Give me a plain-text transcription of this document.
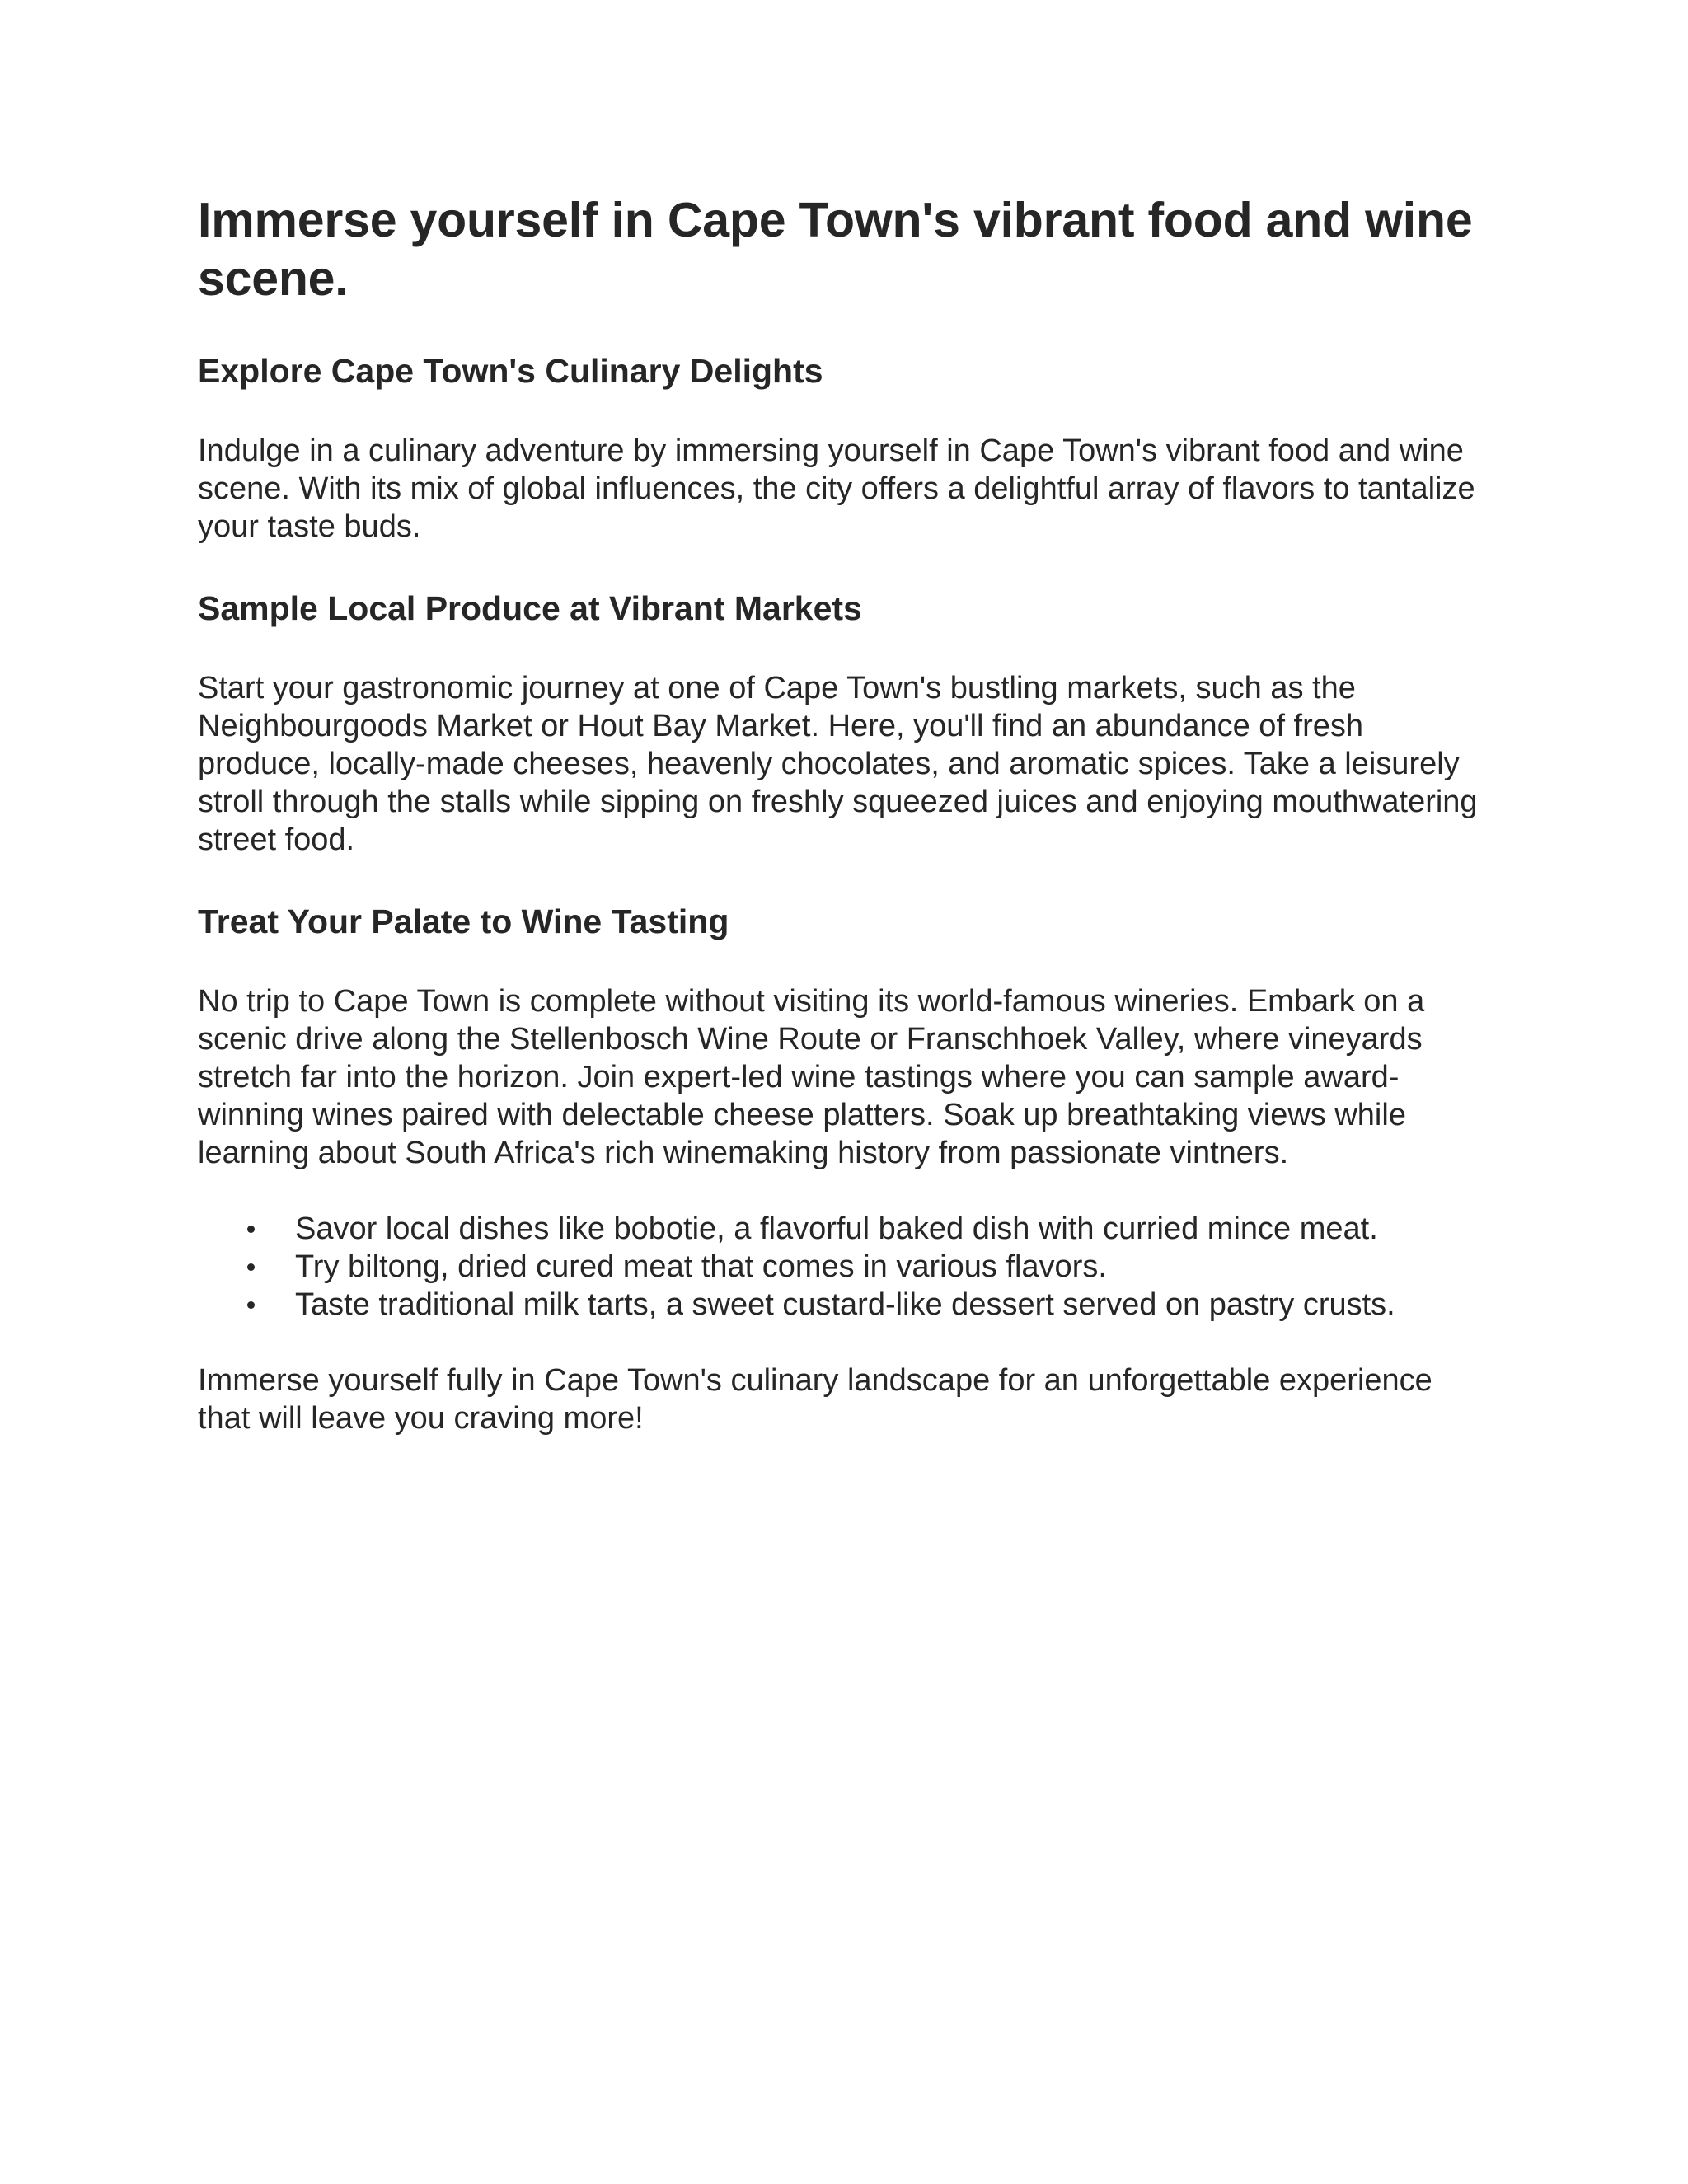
Immerse yourself in Cape Town's vibrant food and wine scene.
Explore Cape Town's Culinary Delights

Indulge in a culinary adventure by immersing yourself in Cape Town's vibrant food and wine scene. With its mix of global influences, the city offers a delightful array of flavors to tantalize your taste buds.

Sample Local Produce at Vibrant Markets

Start your gastronomic journey at one of Cape Town's bustling markets, such as the Neighbourgoods Market or Hout Bay Market. Here, you'll find an abundance of fresh produce, locally-made cheeses, heavenly chocolates, and aromatic spices. Take a leisurely stroll through the stalls while sipping on freshly squeezed juices and enjoying mouthwatering street food.

Treat Your Palate to Wine Tasting

No trip to Cape Town is complete without visiting its world-famous wineries. Embark on a scenic drive along the Stellenbosch Wine Route or Franschhoek Valley, where vineyards stretch far into the horizon. Join expert-led wine tastings where you can sample award-winning wines paired with delectable cheese platters. Soak up breathtaking views while learning about South Africa's rich winemaking history from passionate vintners.

Savor local dishes like bobotie, a flavorful baked dish with curried mince meat.
Try biltong, dried cured meat that comes in various flavors.
Taste traditional milk tarts, a sweet custard-like dessert served on pastry crusts.

Immerse yourself fully in Cape Town's culinary landscape for an unforgettable experience that will leave you craving more!
